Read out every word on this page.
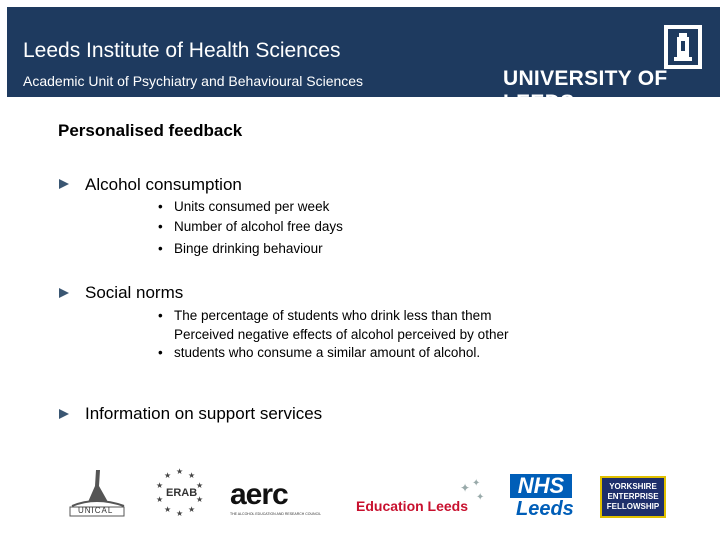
Leeds Institute of Health Sciences
Academic Unit of Psychiatry and Behavioural Sciences	UNIVERSITY OF LEEDS
Personalised feedback
Alcohol consumption
• Units consumed per week
• Number of alcohol free days
• Binge drinking behaviour
Social norms
• The percentage of students who drink less than them
•Perceived negative effects of alcohol perceived by other students who consume a similar amount of alcohol.
Information on support services
UNICAL
★ ★
★
★
★
★
★
★
★
★
ERAB aerc
THE ALCOHOL EDUCATION AND RESEARCH COUNCIL
✦ ✦
✦
Education Leeds
NHS
Leeds
YORKSHIRE
ENTERPRISE
FELLOWSHIP
